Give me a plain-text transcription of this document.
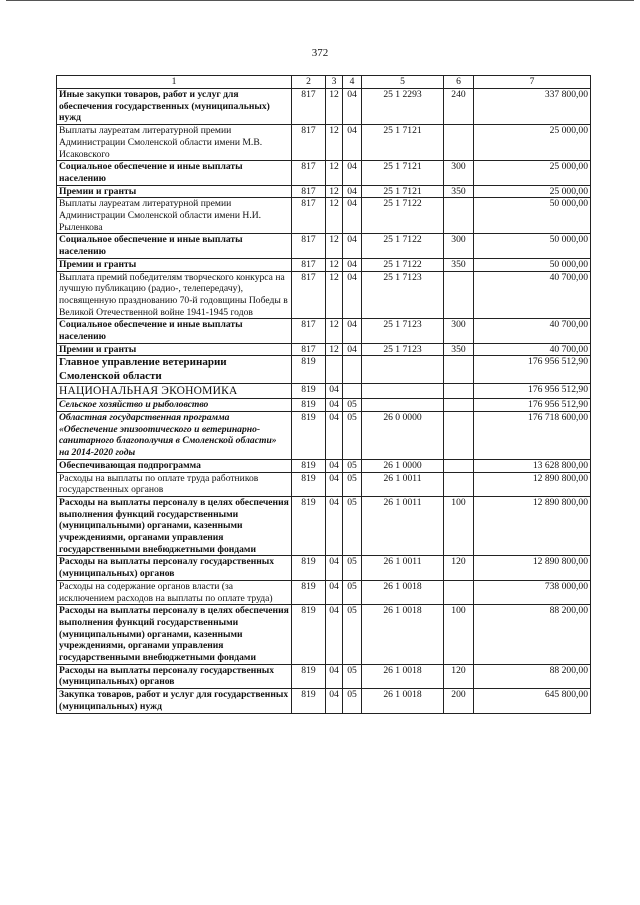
372
1	2	3	4	5	6	7
Иные закупки товаров, работ и услуг для обеспечения государственных (муниципальных) нужд	817	12	04	25 1 2293	240	337 800,00
Выплаты лауреатам литературной премии Администрации Смоленской области имени М.В. Исаковского	817	12	04	25 1 7121		25 000,00
Социальное обеспечение и иные выплаты населению	817	12	04	25 1 7121	300	25 000,00
Премии и гранты	817	12	04	25 1 7121	350	25 000,00
Выплаты лауреатам литературной премии Администрации Смоленской области имени Н.И. Рыленкова	817	12	04	25 1 7122		50 000,00
Социальное обеспечение и иные выплаты населению	817	12	04	25 1 7122	300	50 000,00
Премии и гранты	817	12	04	25 1 7122	350	50 000,00
Выплата премий победителям творческого конкурса на лучшую публикацию (радио-, телепередачу), посвященную празднованию 70-й годовщины Победы в Великой Отечественной войне 1941-1945 годов	817	12	04	25 1 7123		40 700,00
Социальное обеспечение и иные выплаты населению	817	12	04	25 1 7123	300	40 700,00
Премии и гранты	817	12	04	25 1 7123	350	40 700,00
Главное управление ветеринарии Смоленской области	819					176 956 512,90
НАЦИОНАЛЬНАЯ ЭКОНОМИКА	819	04				176 956 512,90
Сельское хозяйство и рыболовство	819	04	05			176 956 512,90
Областная государственная программа «Обеспечение эпизоотического и ветеринарно-санитарного благополучия в Смоленской области» на 2014-2020 годы	819	04	05	26 0 0000		176 718 600,00
Обеспечивающая подпрограмма	819	04	05	26 1 0000		13 628 800,00
Расходы на выплаты по оплате труда работников государственных органов	819	04	05	26 1 0011		12 890 800,00
Расходы на выплаты персоналу в целях обеспечения выполнения функций государственными (муниципальными) органами, казенными учреждениями, органами управления государственными внебюджетными фондами	819	04	05	26 1 0011	100	12 890 800,00
Расходы на выплаты персоналу государственных (муниципальных) органов	819	04	05	26 1 0011	120	12 890 800,00
Расходы на содержание органов власти (за исключением расходов на выплаты по оплате труда)	819	04	05	26 1 0018		738 000,00
Расходы на выплаты персоналу в целях обеспечения выполнения функций государственными (муниципальными) органами, казенными учреждениями, органами управления государственными внебюджетными фондами	819	04	05	26 1 0018	100	88 200,00
Расходы на выплаты персоналу государственных (муниципальных) органов	819	04	05	26 1 0018	120	88 200,00
Закупка товаров, работ и услуг для государственных (муниципальных) нужд	819	04	05	26 1 0018	200	645 800,00
